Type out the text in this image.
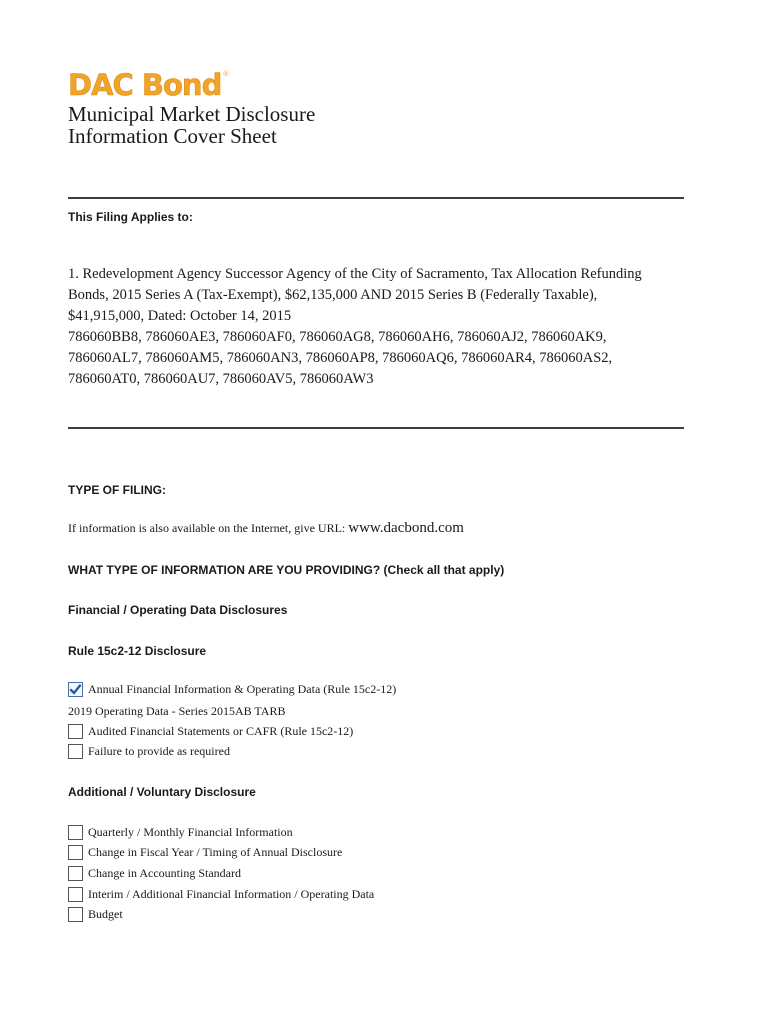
DAC Bond ®
Municipal Market Disclosure
Information Cover Sheet
This Filing Applies to:
1. Redevelopment Agency Successor Agency of the City of Sacramento, Tax Allocation Refunding
Bonds, 2015 Series A (Tax-Exempt), $62,135,000 AND 2015 Series B (Federally Taxable),
$41,915,000, Dated: October 14, 2015
786060BB8, 786060AE3, 786060AF0, 786060AG8, 786060AH6, 786060AJ2, 786060AK9,
786060AL7, 786060AM5, 786060AN3, 786060AP8, 786060AQ6, 786060AR4, 786060AS2,
786060AT0, 786060AU7, 786060AV5, 786060AW3
TYPE OF FILING:
If information is also available on the Internet, give URL: www.dacbond.com
WHAT TYPE OF INFORMATION ARE YOU PROVIDING? (Check all that apply)
Financial / Operating Data Disclosures
Rule 15c2-12 Disclosure
Annual Financial Information & Operating Data (Rule 15c2-12)
2019 Operating Data - Series 2015AB TARB
Audited Financial Statements or CAFR (Rule 15c2-12)
Failure to provide as required
Additional / Voluntary Disclosure
Quarterly / Monthly Financial Information
Change in Fiscal Year / Timing of Annual Disclosure
Change in Accounting Standard
Interim / Additional Financial Information / Operating Data
Budget
